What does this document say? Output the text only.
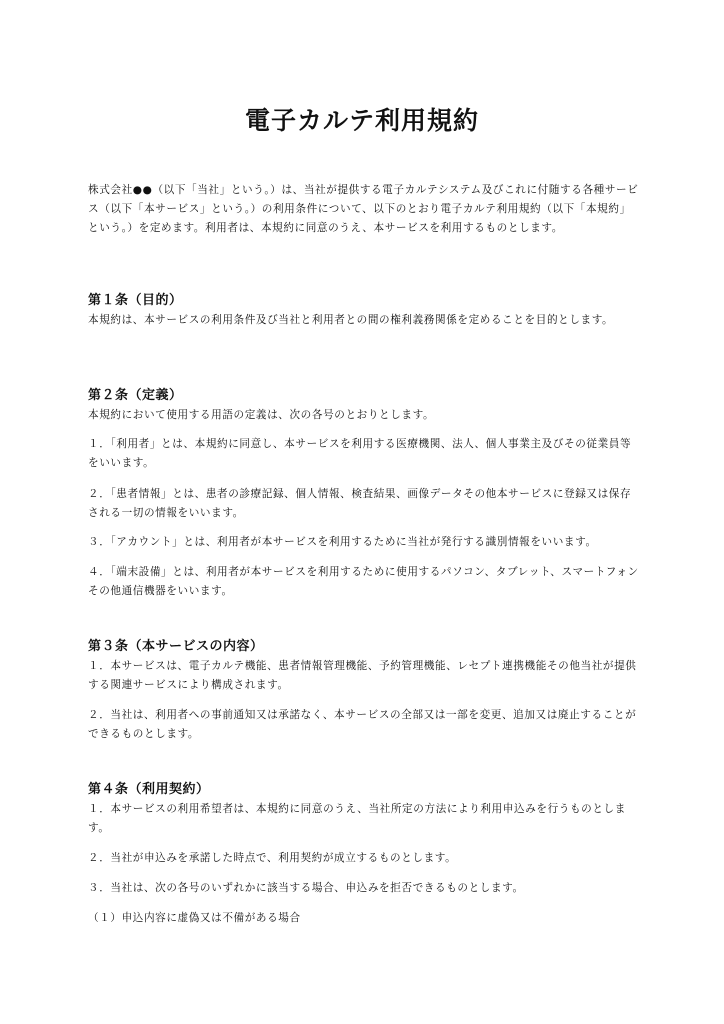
電子カルテ利用規約

株式会社●●（以下「当社」という。）は、当社が提供する電子カルテシステム及びこれに付随する各種サービス（以下「本サービス」という。）の利用条件について、以下のとおり電子カルテ利用規約（以下「本規約」という。）を定めます。利用者は、本規約に同意のうえ、本サービスを利用するものとします。

第１条（目的）

本規約は、本サービスの利用条件及び当社と利用者との間の権利義務関係を定めることを目的とします。

第２条（定義）

本規約において使用する用語の定義は、次の各号のとおりとします。

１．「利用者」とは、本規約に同意し、本サービスを利用する医療機関、法人、個人事業主及びその従業員等をいいます。

２．「患者情報」とは、患者の診療記録、個人情報、検査結果、画像データその他本サービスに登録又は保存される一切の情報をいいます。

３．「アカウント」とは、利用者が本サービスを利用するために当社が発行する識別情報をいいます。

４．「端末設備」とは、利用者が本サービスを利用するために使用するパソコン、タブレット、スマートフォンその他通信機器をいいます。

第３条（本サービスの内容）

１．本サービスは、電子カルテ機能、患者情報管理機能、予約管理機能、レセプト連携機能その他当社が提供する関連サービスにより構成されます。

２．当社は、利用者への事前通知又は承諾なく、本サービスの全部又は一部を変更、追加又は廃止することができるものとします。

第４条（利用契約）

１．本サービスの利用希望者は、本規約に同意のうえ、当社所定の方法により利用申込みを行うものとします。

２．当社が申込みを承諾した時点で、利用契約が成立するものとします。

３．当社は、次の各号のいずれかに該当する場合、申込みを拒否できるものとします。

（１）申込内容に虚偽又は不備がある場合
